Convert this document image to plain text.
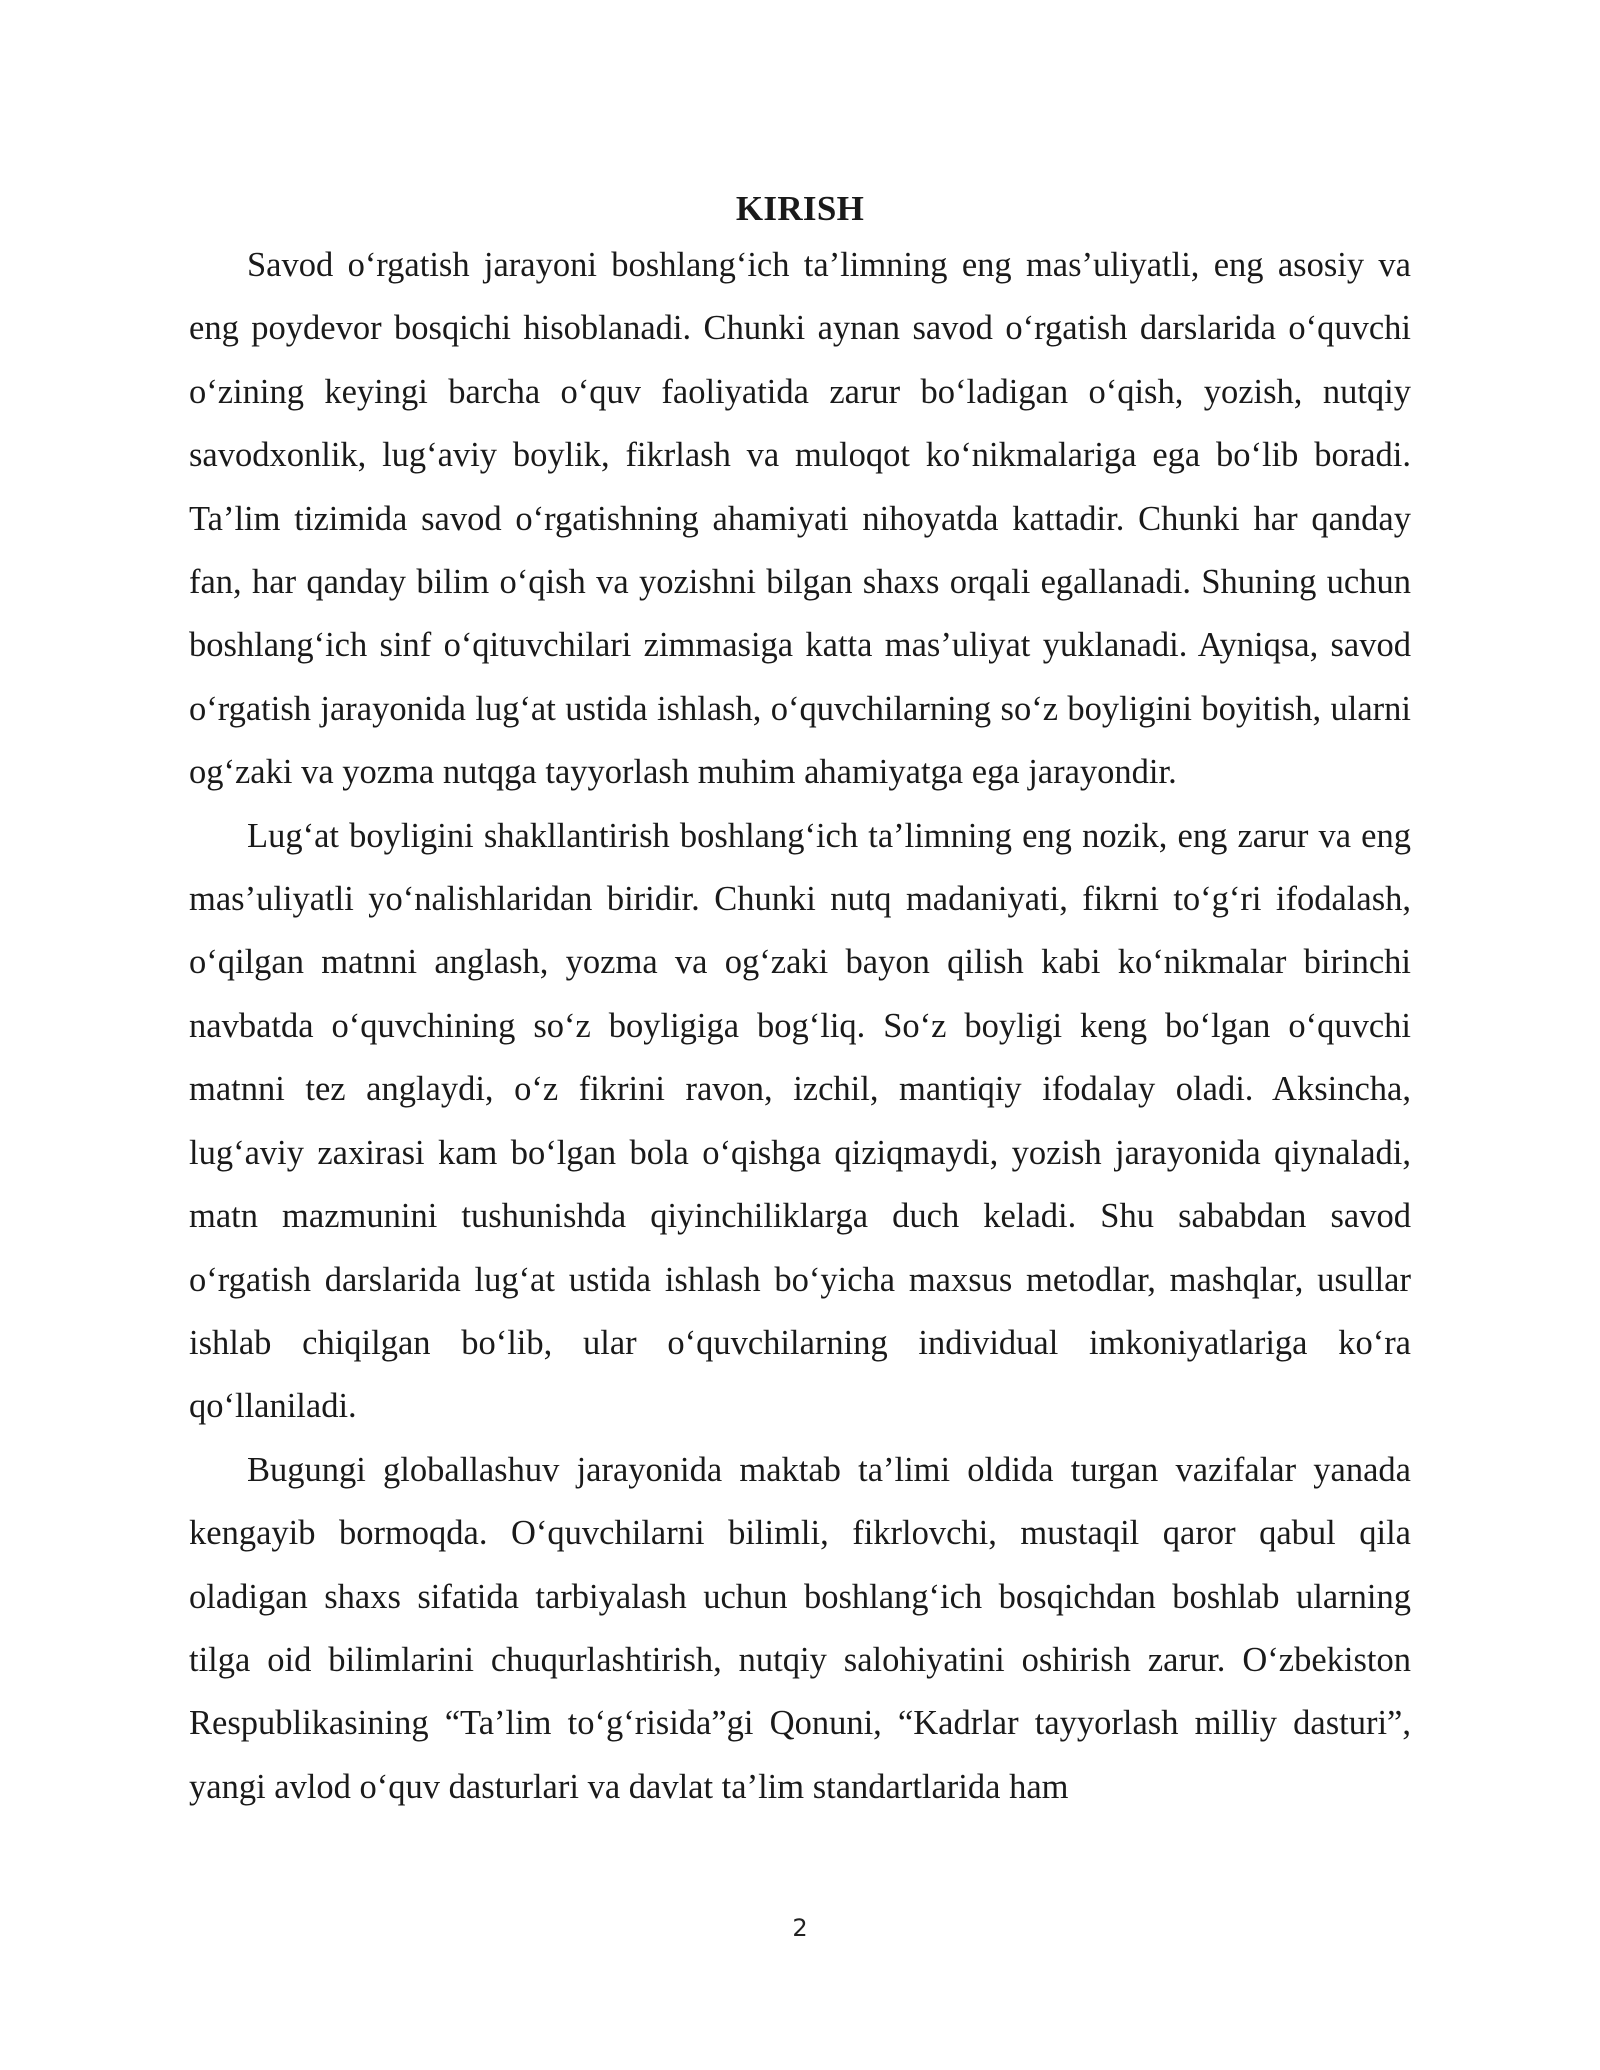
KIRISH

Savod o‘rgatish jarayoni boshlang‘ich ta’limning eng mas’uliyatli, eng asosiy va eng poydevor bosqichi hisoblanadi. Chunki aynan savod o‘rgatish darslarida o‘quvchi o‘zining keyingi barcha o‘quv faoliyatida zarur bo‘ladigan o‘qish, yozish, nutqiy savodxonlik, lug‘aviy boylik, fikrlash va muloqot ko‘nikmalariga ega bo‘lib boradi. Ta’lim tizimida savod o‘rgatishning ahamiyati nihoyatda kattadir. Chunki har qanday fan, har qanday bilim o‘qish va yozishni bilgan shaxs orqali egallanadi. Shuning uchun boshlang‘ich sinf o‘qituvchilari zimmasiga katta mas’uliyat yuklanadi. Ayniqsa, savod o‘rgatish jarayonida lug‘at ustida ishlash, o‘quvchilarning so‘z boyligini boyitish, ularni og‘zaki va yozma nutqga tayyorlash muhim ahamiyatga ega jarayondir.

Lug‘at boyligini shakllantirish boshlang‘ich ta’limning eng nozik, eng zarur va eng mas’uliyatli yo‘nalishlaridan biridir. Chunki nutq madaniyati, fikrni to‘g‘ri ifodalash, o‘qilgan matnni anglash, yozma va og‘zaki bayon qilish kabi ko‘nikmalar birinchi navbatda o‘quvchining so‘z boyligiga bog‘liq. So‘z boyligi keng bo‘lgan o‘quvchi matnni tez anglaydi, o‘z fikrini ravon, izchil, mantiqiy ifodalay oladi. Aksincha, lug‘aviy zaxirasi kam bo‘lgan bola o‘qishga qiziqmaydi, yozish jarayonida qiynaladi, matn mazmunini tushunishda qiyinchiliklarga duch keladi. Shu sababdan savod o‘rgatish darslarida lug‘at ustida ishlash bo‘yicha maxsus metodlar, mashqlar, usullar ishlab chiqilgan bo‘lib, ular o‘quvchilarning individual imkoniyatlariga ko‘ra qo‘llaniladi.

Bugungi globallashuv jarayonida maktab ta’limi oldida turgan vazifalar yanada kengayib bormoqda. O‘quvchilarni bilimli, fikrlovchi, mustaqil qaror qabul qila oladigan shaxs sifatida tarbiyalash uchun boshlang‘ich bosqichdan boshlab ularning tilga oid bilimlarini chuqurlashtirish, nutqiy salohiyatini oshirish zarur. O‘zbekiston Respublikasining “Ta’lim to‘g‘risida”gi Qonuni, “Kadrlar tayyorlash milliy dasturi”, yangi avlod o‘quv dasturlari va davlat ta’lim standartlarida ham

2
